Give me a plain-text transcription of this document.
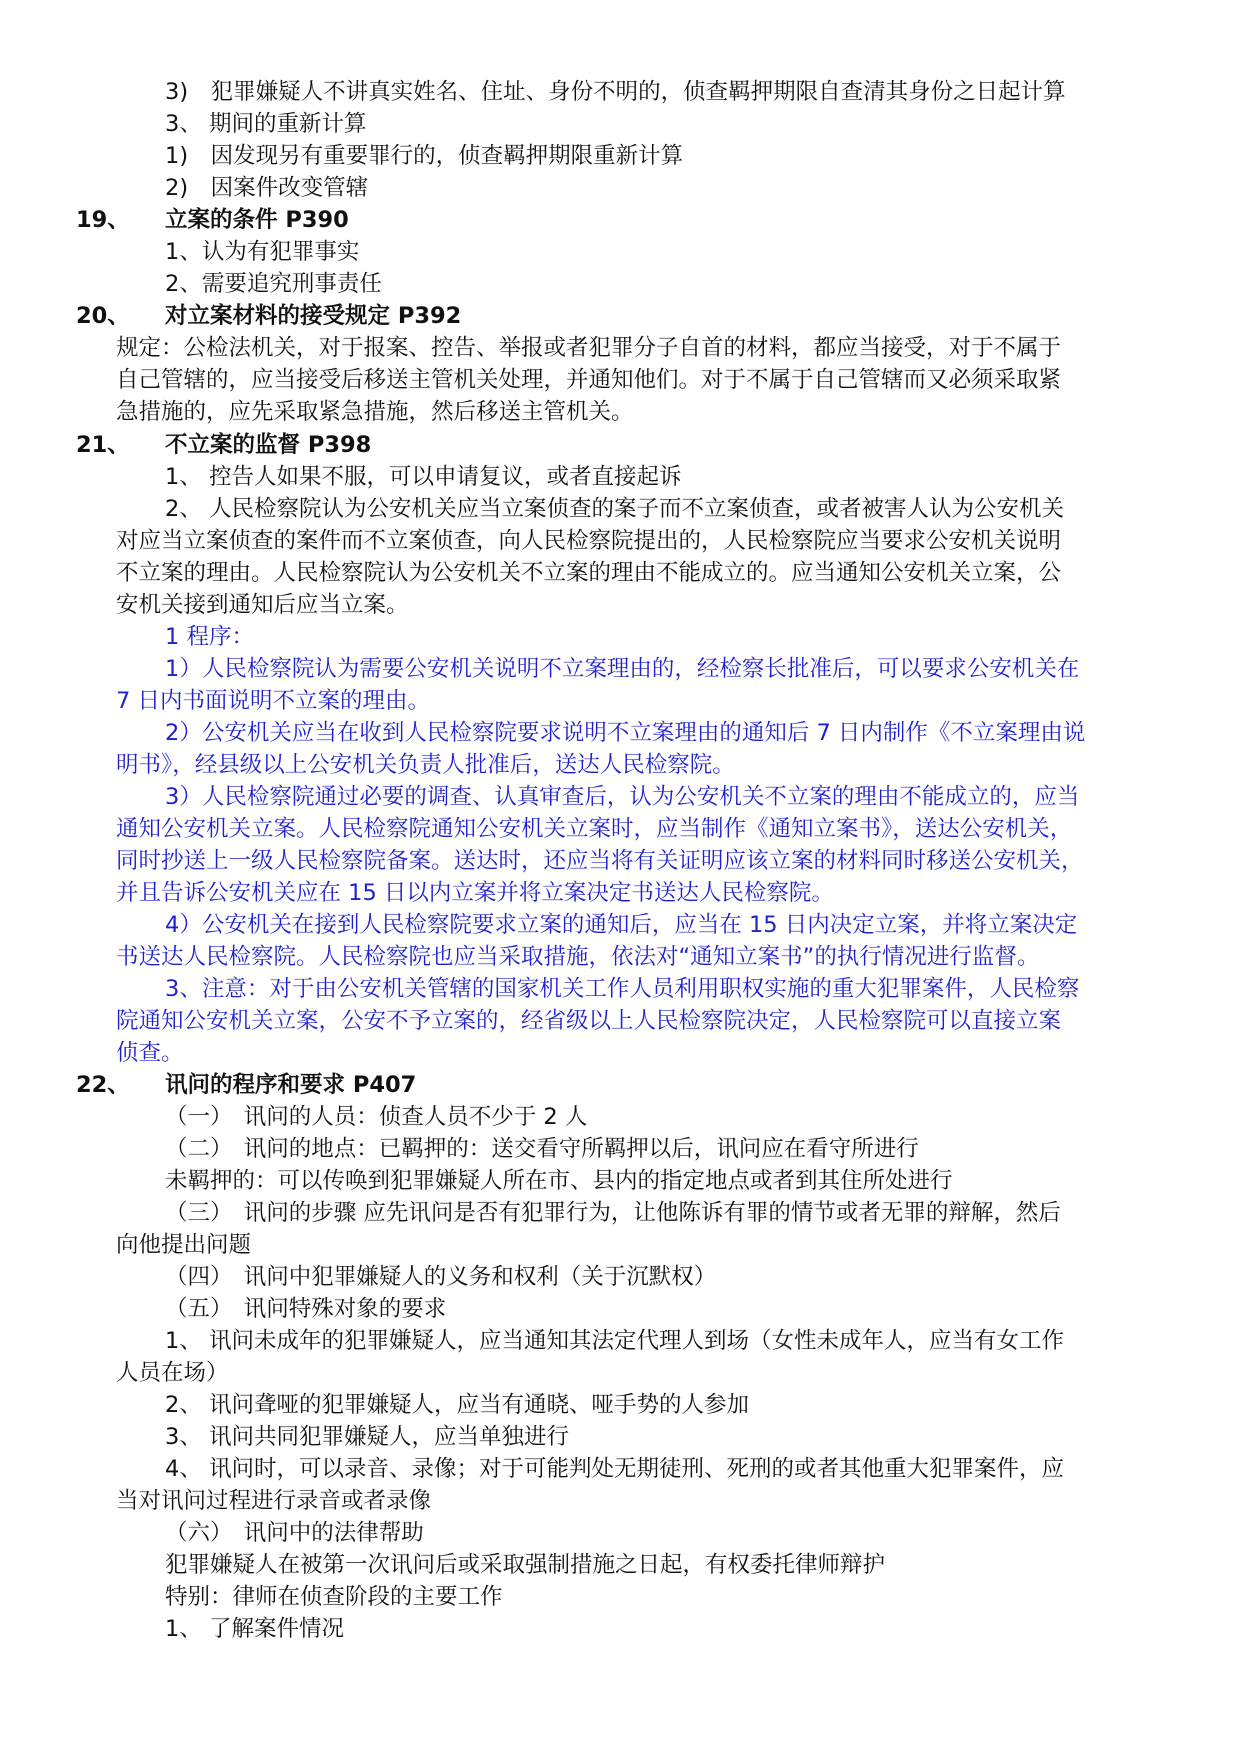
3)　犯罪嫌疑人不讲真实姓名、住址、身份不明的，侦查羁押期限自查清其身份之日起计算
3、 期间的重新计算
1)　因发现另有重要罪行的，侦查羁押期限重新计算
2)　因案件改变管辖
19、 立案的条件 P390
1、认为有犯罪事实
2、需要追究刑事责任
20、 对立案材料的接受规定 P392
规定：公检法机关，对于报案、控告、举报或者犯罪分子自首的材料，都应当接受，对于不属于
自己管辖的，应当接受后移送主管机关处理，并通知他们。对于不属于自己管辖而又必须采取紧
急措施的，应先采取紧急措施，然后移送主管机关。
21、 不立案的监督 P398
1、 控告人如果不服，可以申请复议，或者直接起诉
2、 人民检察院认为公安机关应当立案侦查的案子而不立案侦查，或者被害人认为公安机关
对应当立案侦查的案件而不立案侦查，向人民检察院提出的，人民检察院应当要求公安机关说明
不立案的理由。人民检察院认为公安机关不立案的理由不能成立的。应当通知公安机关立案，公
安机关接到通知后应当立案。
1 程序：
1）人民检察院认为需要公安机关说明不立案理由的，经检察长批准后，可以要求公安机关在
7 日内书面说明不立案的理由。
2）公安机关应当在收到人民检察院要求说明不立案理由的通知后 7 日内制作《不立案理由说
明书》，经县级以上公安机关负责人批准后，送达人民检察院。
3）人民检察院通过必要的调查、认真审查后，认为公安机关不立案的理由不能成立的，应当
通知公安机关立案。人民检察院通知公安机关立案时，应当制作《通知立案书》，送达公安机关，
同时抄送上一级人民检察院备案。送达时，还应当将有关证明应该立案的材料同时移送公安机关，
并且告诉公安机关应在 15 日以内立案并将立案决定书送达人民检察院。
4）公安机关在接到人民检察院要求立案的通知后，应当在 15 日内决定立案，并将立案决定
书送达人民检察院。人民检察院也应当采取措施，依法对“通知立案书”的执行情况进行监督。
3、注意：对于由公安机关管辖的国家机关工作人员利用职权实施的重大犯罪案件，人民检察
院通知公安机关立案，公安不予立案的，经省级以上人民检察院决定，人民检察院可以直接立案
侦查。
22、 讯问的程序和要求 P407
（一）　讯问的人员：侦查人员不少于 2 人
（二）　讯问的地点：已羁押的：送交看守所羁押以后，讯问应在看守所进行
未羁押的：可以传唤到犯罪嫌疑人所在市、县内的指定地点或者到其住所处进行
（三）　讯问的步骤 应先讯问是否有犯罪行为，让他陈诉有罪的情节或者无罪的辩解，然后
向他提出问题
（四）　讯问中犯罪嫌疑人的义务和权利（关于沉默权）
（五）　讯问特殊对象的要求
1、 讯问未成年的犯罪嫌疑人，应当通知其法定代理人到场（女性未成年人，应当有女工作
人员在场）
2、 讯问聋哑的犯罪嫌疑人，应当有通晓、哑手势的人参加
3、 讯问共同犯罪嫌疑人，应当单独进行
4、 讯问时，可以录音、录像；对于可能判处无期徒刑、死刑的或者其他重大犯罪案件，应
当对讯问过程进行录音或者录像
（六）　讯问中的法律帮助
犯罪嫌疑人在被第一次讯问后或采取强制措施之日起，有权委托律师辩护
特别：律师在侦查阶段的主要工作
1、 了解案件情况
